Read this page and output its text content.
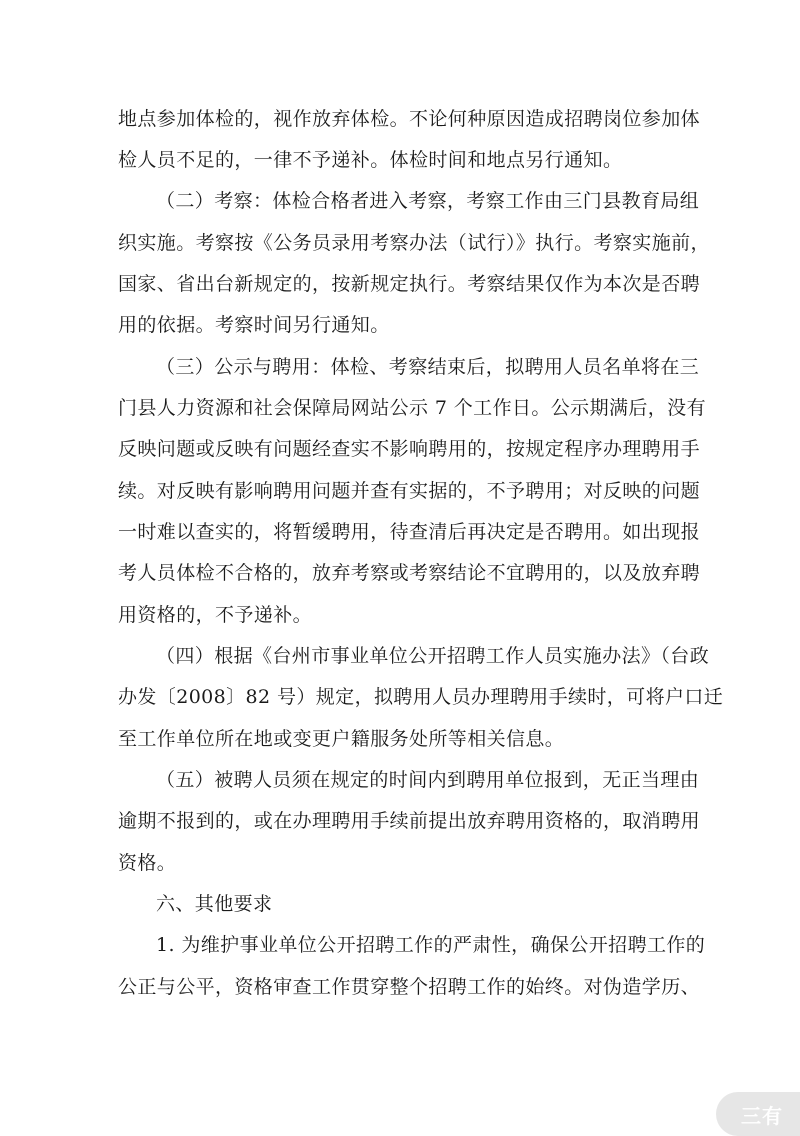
地点参加体检的，视作放弃体检。不论何种原因造成招聘岗位参加体
检人员不足的，一律不予递补。体检时间和地点另行通知。
（二）考察：体检合格者进入考察，考察工作由三门县教育局组
织实施。考察按《公务员录用考察办法（试行）》执行。考察实施前，
国家、省出台新规定的，按新规定执行。考察结果仅作为本次是否聘
用的依据。考察时间另行通知。
（三）公示与聘用：体检、考察结束后，拟聘用人员名单将在三
门县人力资源和社会保障局网站公示 7 个工作日。公示期满后，没有
反映问题或反映有问题经查实不影响聘用的，按规定程序办理聘用手
续。对反映有影响聘用问题并查有实据的，不予聘用；对反映的问题
一时难以查实的，将暂缓聘用，待查清后再决定是否聘用。如出现报
考人员体检不合格的，放弃考察或考察结论不宜聘用的，以及放弃聘
用资格的，不予递补。
（四）根据《台州市事业单位公开招聘工作人员实施办法》（台政
办发〔2008〕82 号）规定，拟聘用人员办理聘用手续时，可将户口迁
至工作单位所在地或变更户籍服务处所等相关信息。
（五）被聘人员须在规定的时间内到聘用单位报到，无正当理由
逾期不报到的，或在办理聘用手续前提出放弃聘用资格的，取消聘用
资格。
六、其他要求
1. 为维护事业单位公开招聘工作的严肃性，确保公开招聘工作的
公正与公平，资格审查工作贯穿整个招聘工作的始终。对伪造学历、
三有
